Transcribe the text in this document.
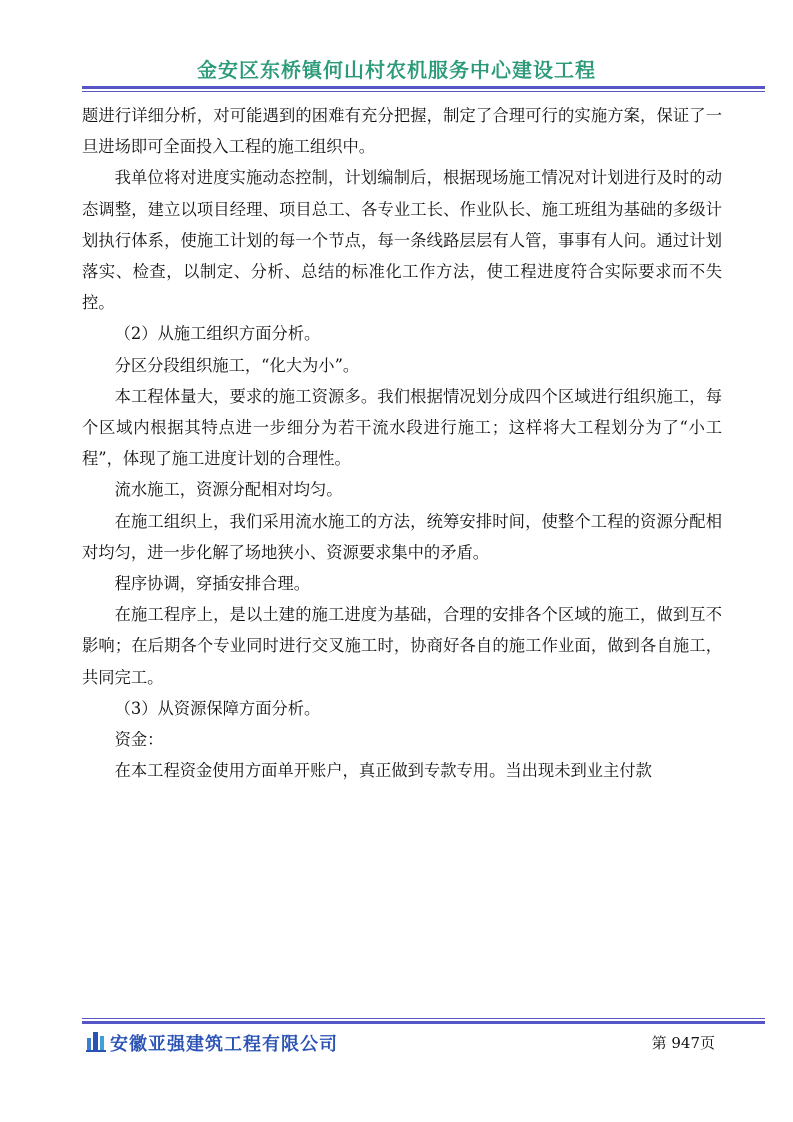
金安区东桥镇何山村农机服务中心建设工程

题进行详细分析，对可能遇到的困难有充分把握，制定了合理可行的实施方案，保证了一旦进场即可全面投入工程的施工组织中。

我单位将对进度实施动态控制，计划编制后，根据现场施工情况对计划进行及时的动态调整，建立以项目经理、项目总工、各专业工长、作业队长、施工班组为基础的多级计划执行体系，使施工计划的每一个节点，每一条线路层层有人管，事事有人问。通过计划落实、检查，以制定、分析、总结的标准化工作方法，使工程进度符合实际要求而不失控。

（2）从施工组织方面分析。

分区分段组织施工，“化大为小”。

本工程体量大，要求的施工资源多。我们根据情况划分成四个区域进行组织施工，每个区域内根据其特点进一步细分为若干流水段进行施工；这样将大工程划分为了“小工程”，体现了施工进度计划的合理性。

流水施工，资源分配相对均匀。

在施工组织上，我们采用流水施工的方法，统筹安排时间，使整个工程的资源分配相对均匀，进一步化解了场地狭小、资源要求集中的矛盾。

程序协调，穿插安排合理。

在施工程序上，是以土建的施工进度为基础，合理的安排各个区域的施工，做到互不影响；在后期各个专业同时进行交叉施工时，协商好各自的施工作业面，做到各自施工，共同完工。

（3）从资源保障方面分析。

资金：

在本工程资金使用方面单开账户，真正做到专款专用。当出现未到业主付款

安徽亚强建筑工程有限公司	第 947页
